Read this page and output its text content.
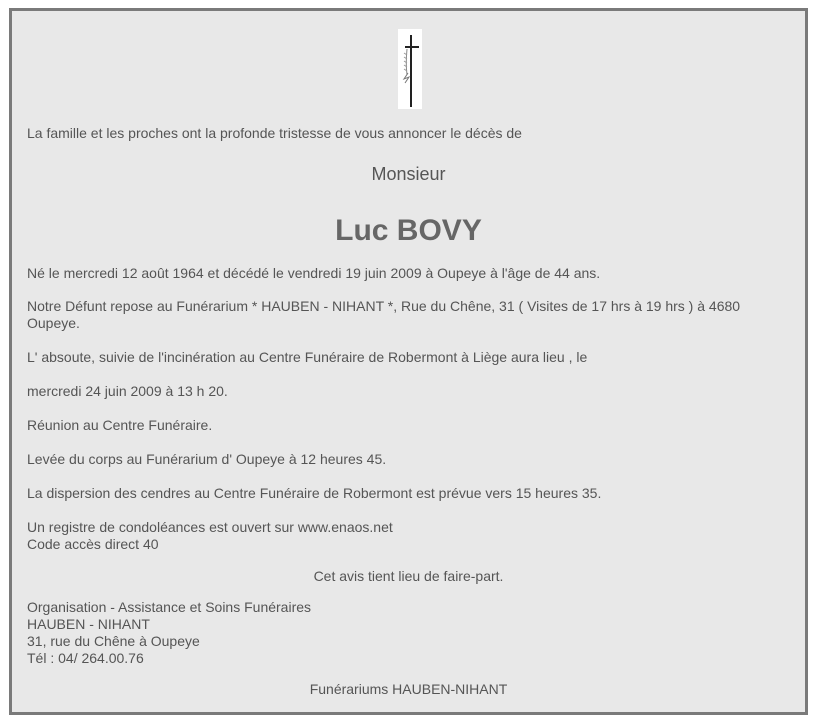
La famille et les proches ont la profonde tristesse de vous annoncer le décès de
Monsieur
Luc BOVY
Né le mercredi 12 août 1964 et décédé le vendredi 19 juin 2009 à Oupeye à l'âge de 44 ans.
Notre Défunt repose au Funérarium * HAUBEN - NIHANT *, Rue du Chêne, 31 ( Visites de 17 hrs à 19 hrs ) à 4680
Oupeye.
L' absoute, suivie de l'incinération au Centre Funéraire de Robermont à Liège aura lieu , le
mercredi 24 juin 2009 à 13 h 20.
Réunion au Centre Funéraire.
Levée du corps au Funérarium d' Oupeye à 12 heures 45.
La dispersion des cendres au Centre Funéraire de Robermont est prévue vers 15 heures 35.
Un registre de condoléances est ouvert sur www.enaos.net
Code accès direct 40
Cet avis tient lieu de faire-part.
Organisation - Assistance et Soins Funéraires
HAUBEN - NIHANT
31, rue du Chêne à Oupeye
Tél : 04/ 264.00.76
Funérariums HAUBEN-NIHANT
